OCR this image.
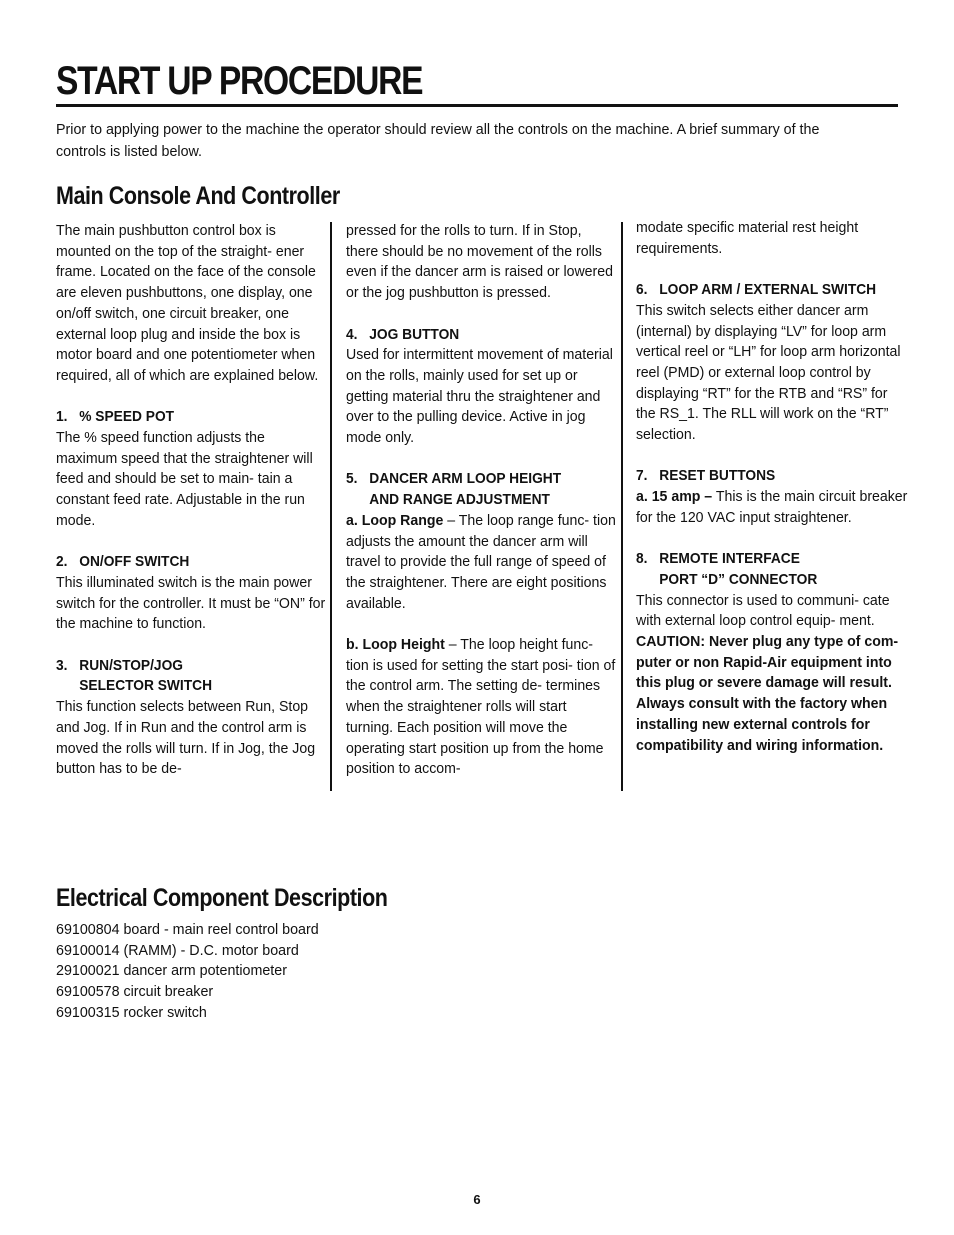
START UP PROCEDURE

Prior to applying power to the machine the operator should review all the controls on the machine. A brief summary of the controls is listed below.

Main Console And Controller

The main pushbutton control box is mounted on the top of the straight- ener frame. Located on the face of the console are eleven pushbuttons, one display, one on/off switch, one circuit breaker, one external loop plug and inside the box is motor board and one potentiometer when required, all of which are explained below.

1. % SPEED POT

The % speed function adjusts the maximum speed that the straightener will feed and should be set to main- tain a constant feed rate. Adjustable in the run mode.

2. ON/OFF SWITCH

This illuminated switch is the main power switch for the controller. It must be “ON” for the machine to function.

3. RUN/STOP/JOG
SELECTOR SWITCH

This function selects between Run, Stop and Jog. If in Run and the control arm is moved the rolls will turn. If in Jog, the Jog button has to be de-

pressed for the rolls to turn. If in Stop, there should be no movement of the rolls even if the dancer arm is raised or lowered or the jog pushbutton is pressed.

4. JOG BUTTON

Used for intermittent movement of material on the rolls, mainly used for set up or getting material thru the straightener and over to the pulling device. Active in jog mode only.

5. DANCER ARM LOOP HEIGHT
AND RANGE ADJUSTMENT

a. Loop Range – The loop range func- tion adjusts the amount the dancer arm will travel to provide the full range of speed of the straightener. There are eight positions available.

b. Loop Height – The loop height func- tion is used for setting the start posi- tion of the control arm. The setting de- termines when the straightener rolls will start turning. Each position will move the operating start position up from the home position to accom-

modate specific material rest height requirements.

6. LOOP ARM / EXTERNAL SWITCH

This switch selects either dancer arm (internal) by displaying “LV” for loop arm vertical reel or “LH” for loop arm horizontal reel (PMD) or external loop control by displaying “RT” for the RTB and “RS” for the RS_1. The RLL will work on the “RT” selection.

7. RESET BUTTONS

a. 15 amp – This is the main circuit breaker for the 120 VAC input straightener.

8. REMOTE INTERFACE
PORT “D” CONNECTOR

This connector is used to communi- cate with external loop control equip- ment.

CAUTION: Never plug any type of com- puter or non Rapid-Air equipment into this plug or severe damage will result. Always consult with the factory when installing new external controls for compatibility and wiring information.

Electrical Component Description
69100804 board - main reel control board
69100014 (RAMM) - D.C. motor board
29100021 dancer arm potentiometer
69100578 circuit breaker
69100315 rocker switch
6
